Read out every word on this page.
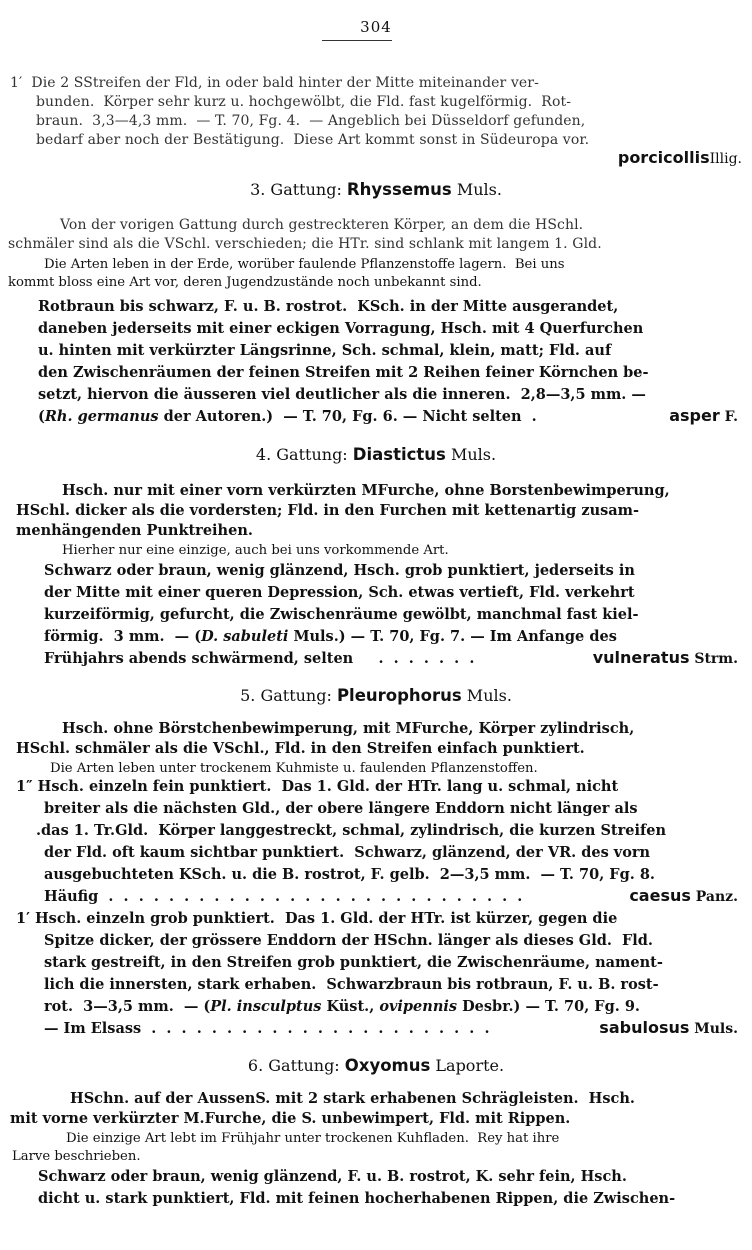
304
1′  Die 2 SStreifen der Fld, in oder bald hinter der Mitte miteinander ver-
bunden.  Körper sehr kurz u. hochgewölbt, die Fld. fast kugelförmig.  Rot-
braun.  3,3—4,3 mm.  — T. 70, Fg. 4.  — Angeblich bei Düsseldorf gefunden,
bedarf aber noch der Bestätigung.  Diese Art kommt sonst in Südeuropa vor.
porcicollisIllig.
3. Gattung: Rhyssemus Muls.
Von der vorigen Gattung durch gestreckteren Körper, an dem die HSchl.
schmäler sind als die VSchl. verschieden; die HTr. sind schlank mit langem 1. Gld.
Die Arten leben in der Erde, worüber faulende Pflanzenstoffe lagern.  Bei uns
kommt bloss eine Art vor, deren Jugendzustände noch unbekannt sind.
Rotbraun bis schwarz, F. u. B. rostrot.  KSch. in der Mitte ausgerandet,
daneben jederseits mit einer eckigen Vorragung, Hsch. mit 4 Querfurchen
u. hinten mit verkürzter Längsrinne, Sch. schmal, klein, matt; Fld. auf
den Zwischenräumen der feinen Streifen mit 2 Reihen feiner Körnchen be-
setzt, hiervon die äusseren viel deutlicher als die inneren.  2,8—3,5 mm. —
(Rh. germanus der Autoren.)  — T. 70, Fg. 6. — Nicht selten  .	asper F.
4. Gattung: Diastictus Muls.
Hsch. nur mit einer vorn verkürzten MFurche, ohne Borstenbewimperung,
HSchl. dicker als die vordersten; Fld. in den Furchen mit kettenartig zusam-
menhängenden Punktreihen.
Hierher nur eine einzige, auch bei uns vorkommende Art.
Schwarz oder braun, wenig glänzend, Hsch. grob punktiert, jederseits in
der Mitte mit einer queren Depression, Sch. etwas vertieft, Fld. verkehrt
kurzeiförmig, gefurcht, die Zwischenräume gewölbt, manchmal fast kiel-
förmig.  3 mm.  — (D. sabuleti Muls.) — T. 70, Fg. 7. — Im Anfange des
Frühjahrs abends schwärmend, selten     .  .  .  .  .  .  .	vulneratus Strm.
5. Gattung: Pleurophorus Muls.
Hsch. ohne Börstchenbewimperung, mit MFurche, Körper zylindrisch,
HSchl. schmäler als die VSchl., Fld. in den Streifen einfach punktiert.
Die Arten leben unter trockenem Kuhmiste u. faulenden Pflanzenstoffen.
1″ Hsch. einzeln fein punktiert.  Das 1. Gld. der HTr. lang u. schmal, nicht
breiter als die nächsten Gld., der obere längere Enddorn nicht länger als
.das 1. Tr.Gld.  Körper langgestreckt, schmal, zylindrisch, die kurzen Streifen
der Fld. oft kaum sichtbar punktiert.  Schwarz, glänzend, der VR. des vorn
ausgebuchteten KSch. u. die B. rostrot, F. gelb.  2—3,5 mm.  — T. 70, Fg. 8.
Häufig  .  .  .  .  .  .  .  .  .  .  .  .  .  .  .  .  .  .  .  .  .  .  .  .  .  .  .  .	caesus Panz.
1′ Hsch. einzeln grob punktiert.  Das 1. Gld. der HTr. ist kürzer, gegen die
Spitze dicker, der grössere Enddorn der HSchn. länger als dieses Gld.  Fld.
stark gestreift, in den Streifen grob punktiert, die Zwischenräume, nament-
lich die innersten, stark erhaben.  Schwarzbraun bis rotbraun, F. u. B. rost-
rot.  3—3,5 mm.  — (Pl. insculptus Küst., ovipennis Desbr.) — T. 70, Fg. 9.
— Im Elsass  .  .  .  .  .  .  .  .  .  .  .  .  .  .  .  .  .  .  .  .  .  .  .	sabulosus Muls.
6. Gattung: Oxyomus Laporte.
HSchn. auf der AussenS. mit 2 stark erhabenen Schrägleisten.  Hsch.
mit vorne verkürzter M.Furche, die S. unbewimpert, Fld. mit Rippen.
Die einzige Art lebt im Frühjahr unter trockenen Kuhfladen.  Rey hat ihre
Larve beschrieben.
Schwarz oder braun, wenig glänzend, F. u. B. rostrot, K. sehr fein, Hsch.
dicht u. stark punktiert, Fld. mit feinen hocherhabenen Rippen, die Zwischen-
